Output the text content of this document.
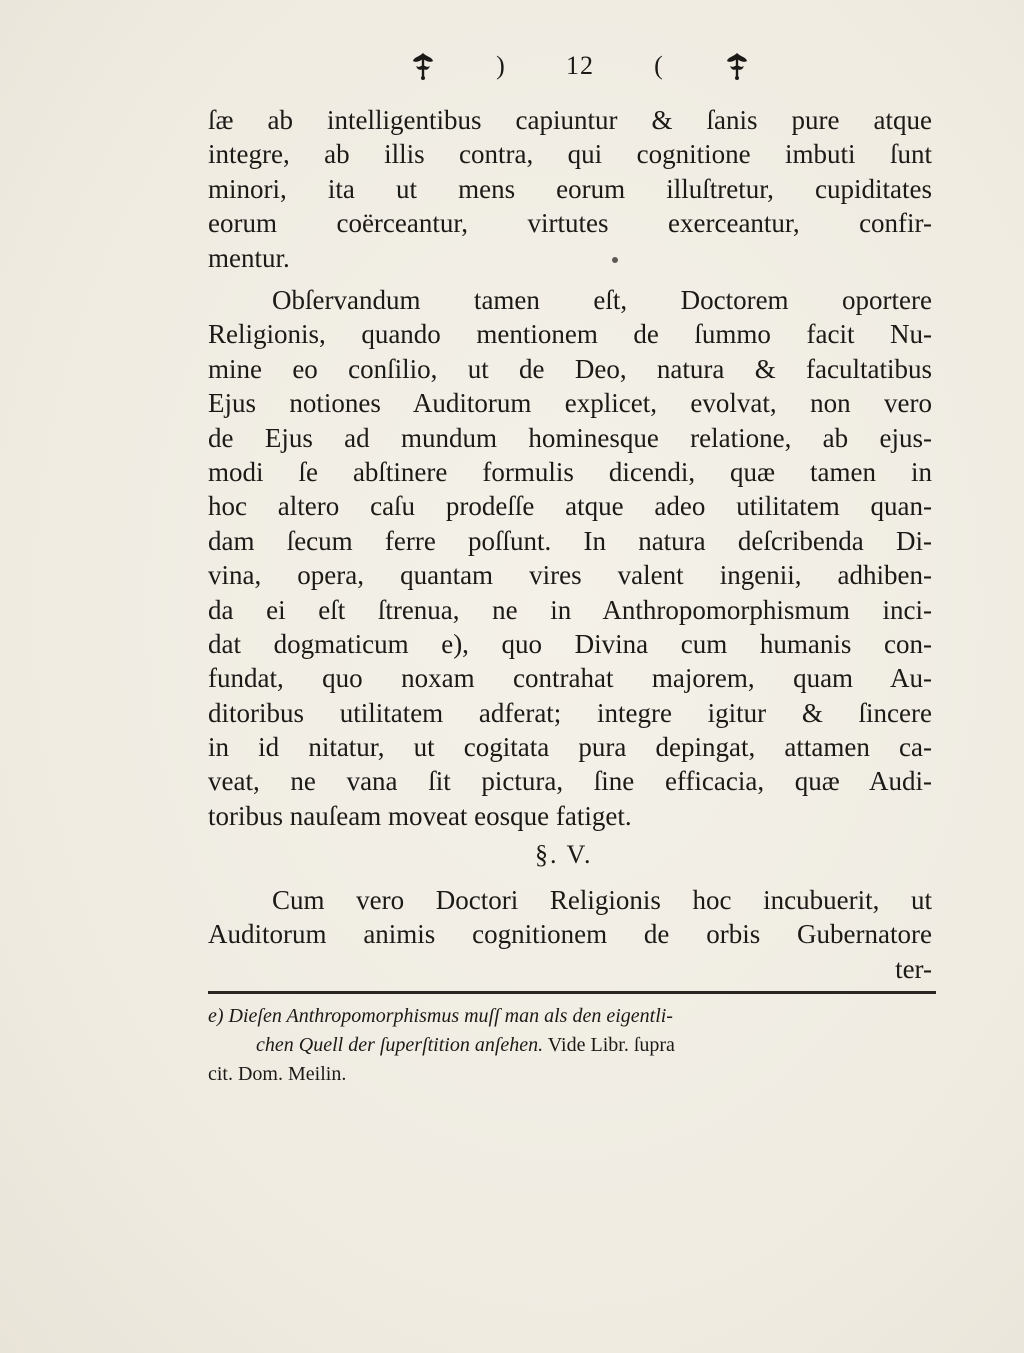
) 12 (
ſæ ab intelligentibus capiuntur & ſanis pure atque
integre, ab illis contra, qui cognitione imbuti ſunt
minori, ita ut mens eorum illuſtretur, cupiditates
eorum coërceantur, virtutes exerceantur, confir-
mentur.
Obſervandum tamen eſt, Doctorem oportere
Religionis, quando mentionem de ſummo facit Nu-
mine eo conſilio, ut de Deo, natura & facultatibus
Ejus notiones Auditorum explicet, evolvat, non vero
de Ejus ad mundum hominesque relatione, ab ejus-
modi ſe abſtinere formulis dicendi, quæ tamen in
hoc altero caſu prodeſſe atque adeo utilitatem quan-
dam ſecum ferre poſſunt. In natura deſcribenda Di-
vina, opera, quantam vires valent ingenii, adhiben-
da ei eſt ſtrenua, ne in Anthropomorphismum inci-
dat dogmaticum e), quo Divina cum humanis con-
fundat, quo noxam contrahat majorem, quam Au-
ditoribus utilitatem adferat; integre igitur & ſincere
in id nitatur, ut cogitata pura depingat, attamen ca-
veat, ne vana ſit pictura, ſine efficacia, quæ Audi-
toribus nauſeam moveat eosque fatiget.
§. V.
Cum vero Doctori Religionis hoc incubuerit, ut
Auditorum animis cognitionem de orbis Gubernatore
ter-
e) Dieſen Anthropomorphismus muſſ man als den eigentli-
chen Quell der ſuperſtition anſehen. Vide Libr. ſupra
cit. Dom. Meilin.
